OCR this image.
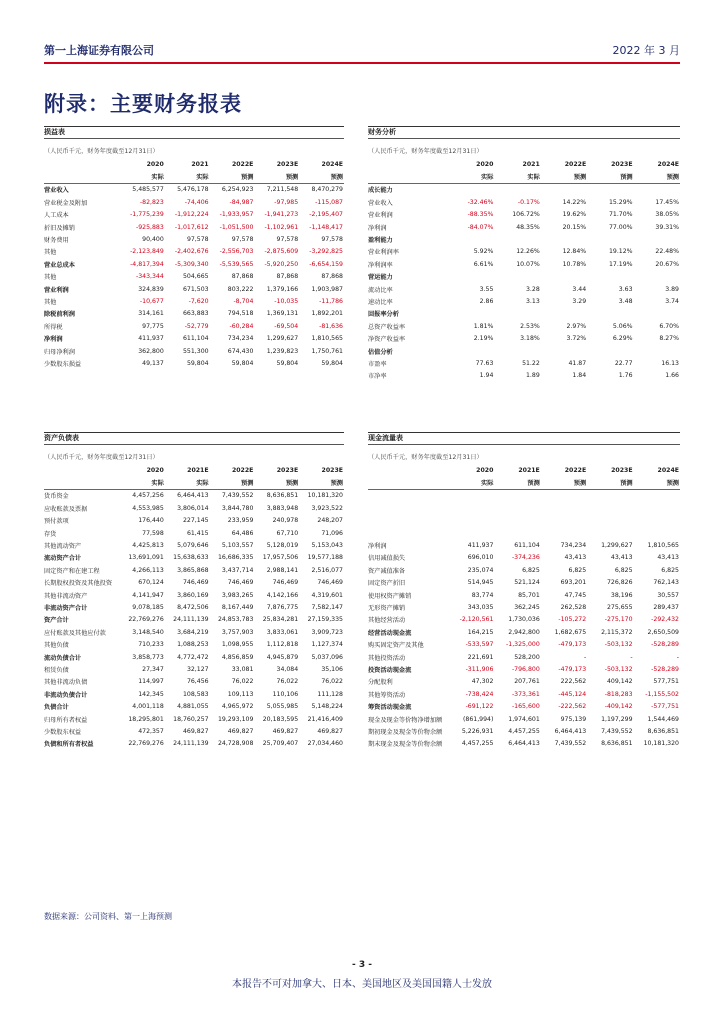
第一上海证券有限公司	2022 年 3 月
附录：主要财务报表
损益表
（人民币千元，财务年度截至12月31日）
	2020	2021	2022E	2023E	2024E
	实际	实际	预测	预测	预测
营业收入	5,485,577	5,476,178	6,254,923	7,211,548	8,470,279
营业税金及附加	-82,823	-74,406	-84,987	-97,985	-115,087
人工成本	-1,775,239	-1,912,224	-1,933,957	-1,941,273	-2,195,407
折旧及摊销	-925,883	-1,017,612	-1,051,500	-1,102,961	-1,148,417
财务费用	90,400	97,578	97,578	97,578	97,578
其他	-2,123,849	-2,402,676	-2,556,703	-2,875,609	-3,292,825
营业总成本	-4,817,394	-5,309,340	-5,539,565	-5,920,250	-6,654,159
其他	-343,344	504,665	87,868	87,868	87,868
营业利润	324,839	671,503	803,222	1,379,166	1,903,987
其他	-10,677	-7,620	-8,704	-10,035	-11,786
除税前利润	314,161	663,883	794,518	1,369,131	1,892,201
所得税	97,775	-52,779	-60,284	-69,504	-81,636
净利润	411,937	611,104	734,234	1,299,627	1,810,565
归母净利润	362,800	551,300	674,430	1,239,823	1,750,761
少数股东损益	49,137	59,804	59,804	59,804	59,804
财务分析
（人民币千元，财务年度截至12月31日）
	2020	2021	2022E	2023E	2024E
	实际	实际	预测	预测	预测
成长能力					
营业收入	-32.46%	-0.17%	14.22%	15.29%	17.45%
营业利润	-88.35%	106.72%	19.62%	71.70%	38.05%
净利润	-84.07%	48.35%	20.15%	77.00%	39.31%
盈利能力					
营业利润率	5.92%	12.26%	12.84%	19.12%	22.48%
净利润率	6.61%	10.07%	10.78%	17.19%	20.67%
营运能力					
流动比率	3.55	3.28	3.44	3.63	3.89
速动比率	2.86	3.13	3.29	3.48	3.74
回报率分析					
总资产收益率	1.81%	2.53%	2.97%	5.06%	6.70%
净资产收益率	2.19%	3.18%	3.72%	6.29%	8.27%
估值分析					
市盈率	77.63	51.22	41.87	22.77	16.13
市净率	1.94	1.89	1.84	1.76	1.66
资产负债表
（人民币千元，财务年度截至12月31日）
	2020	2021E	2022E	2023E	2023E
	实际	实际	预测	预测	预测
货币资金	4,457,256	6,464,413	7,439,552	8,636,851	10,181,320
应收账款及票据	4,553,985	3,806,014	3,844,780	3,883,948	3,923,522
预付款项	176,440	227,145	233,959	240,978	248,207
存货	77,598	61,415	64,486	67,710	71,096
其他流动资产	4,425,813	5,079,646	5,103,557	5,128,019	5,153,043
流动资产合计	13,691,091	15,638,633	16,686,335	17,957,506	19,577,188
固定资产和在建工程	4,266,113	3,865,868	3,437,714	2,988,141	2,516,077
长期股权投资及其他投资	670,124	746,469	746,469	746,469	746,469
其他非流动资产	4,141,947	3,860,169	3,983,265	4,142,166	4,319,601
非流动资产合计	9,078,185	8,472,506	8,167,449	7,876,775	7,582,147
资产合计	22,769,276	24,111,139	24,853,783	25,834,281	27,159,335
应付账款及其他应付款	3,148,540	3,684,219	3,757,903	3,833,061	3,909,723
其他负债	710,233	1,088,253	1,098,955	1,112,818	1,127,374
流动负债合计	3,858,773	4,772,472	4,856,859	4,945,879	5,037,096
租赁负债	27,347	32,127	33,081	34,084	35,106
其他非流动负债	114,997	76,456	76,022	76,022	76,022
非流动负债合计	142,345	108,583	109,113	110,106	111,128
负债合计	4,001,118	4,881,055	4,965,972	5,055,985	5,148,224
归母所有者权益	18,295,801	18,760,257	19,293,109	20,183,595	21,416,409
少数股东权益	472,357	469,827	469,827	469,827	469,827
负债和所有者权益	22,769,276	24,111,139	24,728,908	25,709,407	27,034,460
现金流量表
（人民币千元，财务年度截至12月31日）
	2020	2021E	2022E	2023E	2024E
	实际	预测	预测	预测	预测

净利润	411,937	611,104	734,234	1,299,627	1,810,565
信用减值损失	696,010	-374,236	43,413	43,413	43,413
资产减值准备	235,074	6,825	6,825	6,825	6,825
固定资产折旧	514,945	521,124	693,201	726,826	762,143
使用权资产摊销	83,774	85,701	47,745	38,196	30,557
无形资产摊销	343,035	362,245	262,528	275,655	289,437
其他经营活动	-2,120,561	1,730,036	-105,272	-275,170	-292,432
经营活动现金流	164,215	2,942,800	1,682,675	2,115,372	2,650,509
购买固定资产及其他	-533,597	-1,325,000	-479,173	-503,132	-528,289
其他投资活动	221,691	528,200	-	-	-
投资活动现金流	-311,906	-796,800	-479,173	-503,132	-528,289
分配股利	47,302	207,761	222,562	409,142	577,751
其他筹资活动	-738,424	-373,361	-445,124	-818,283	-1,155,502
筹资活动现金流	-691,122	-165,600	-222,562	-409,142	-577,751
现金及现金等价物净增加额	(861,994)	1,974,601	975,139	1,197,299	1,544,469
期初现金及现金等价物余额	5,226,931	4,457,255	6,464,413	7,439,552	8,636,851
期末现金及现金等价物余额	4,457,255	6,464,413	7,439,552	8,636,851	10,181,320
数据来源：公司资料、第一上海预测
- 3 -
本报告不可对加拿大、日本、美国地区及美国国籍人士发放
